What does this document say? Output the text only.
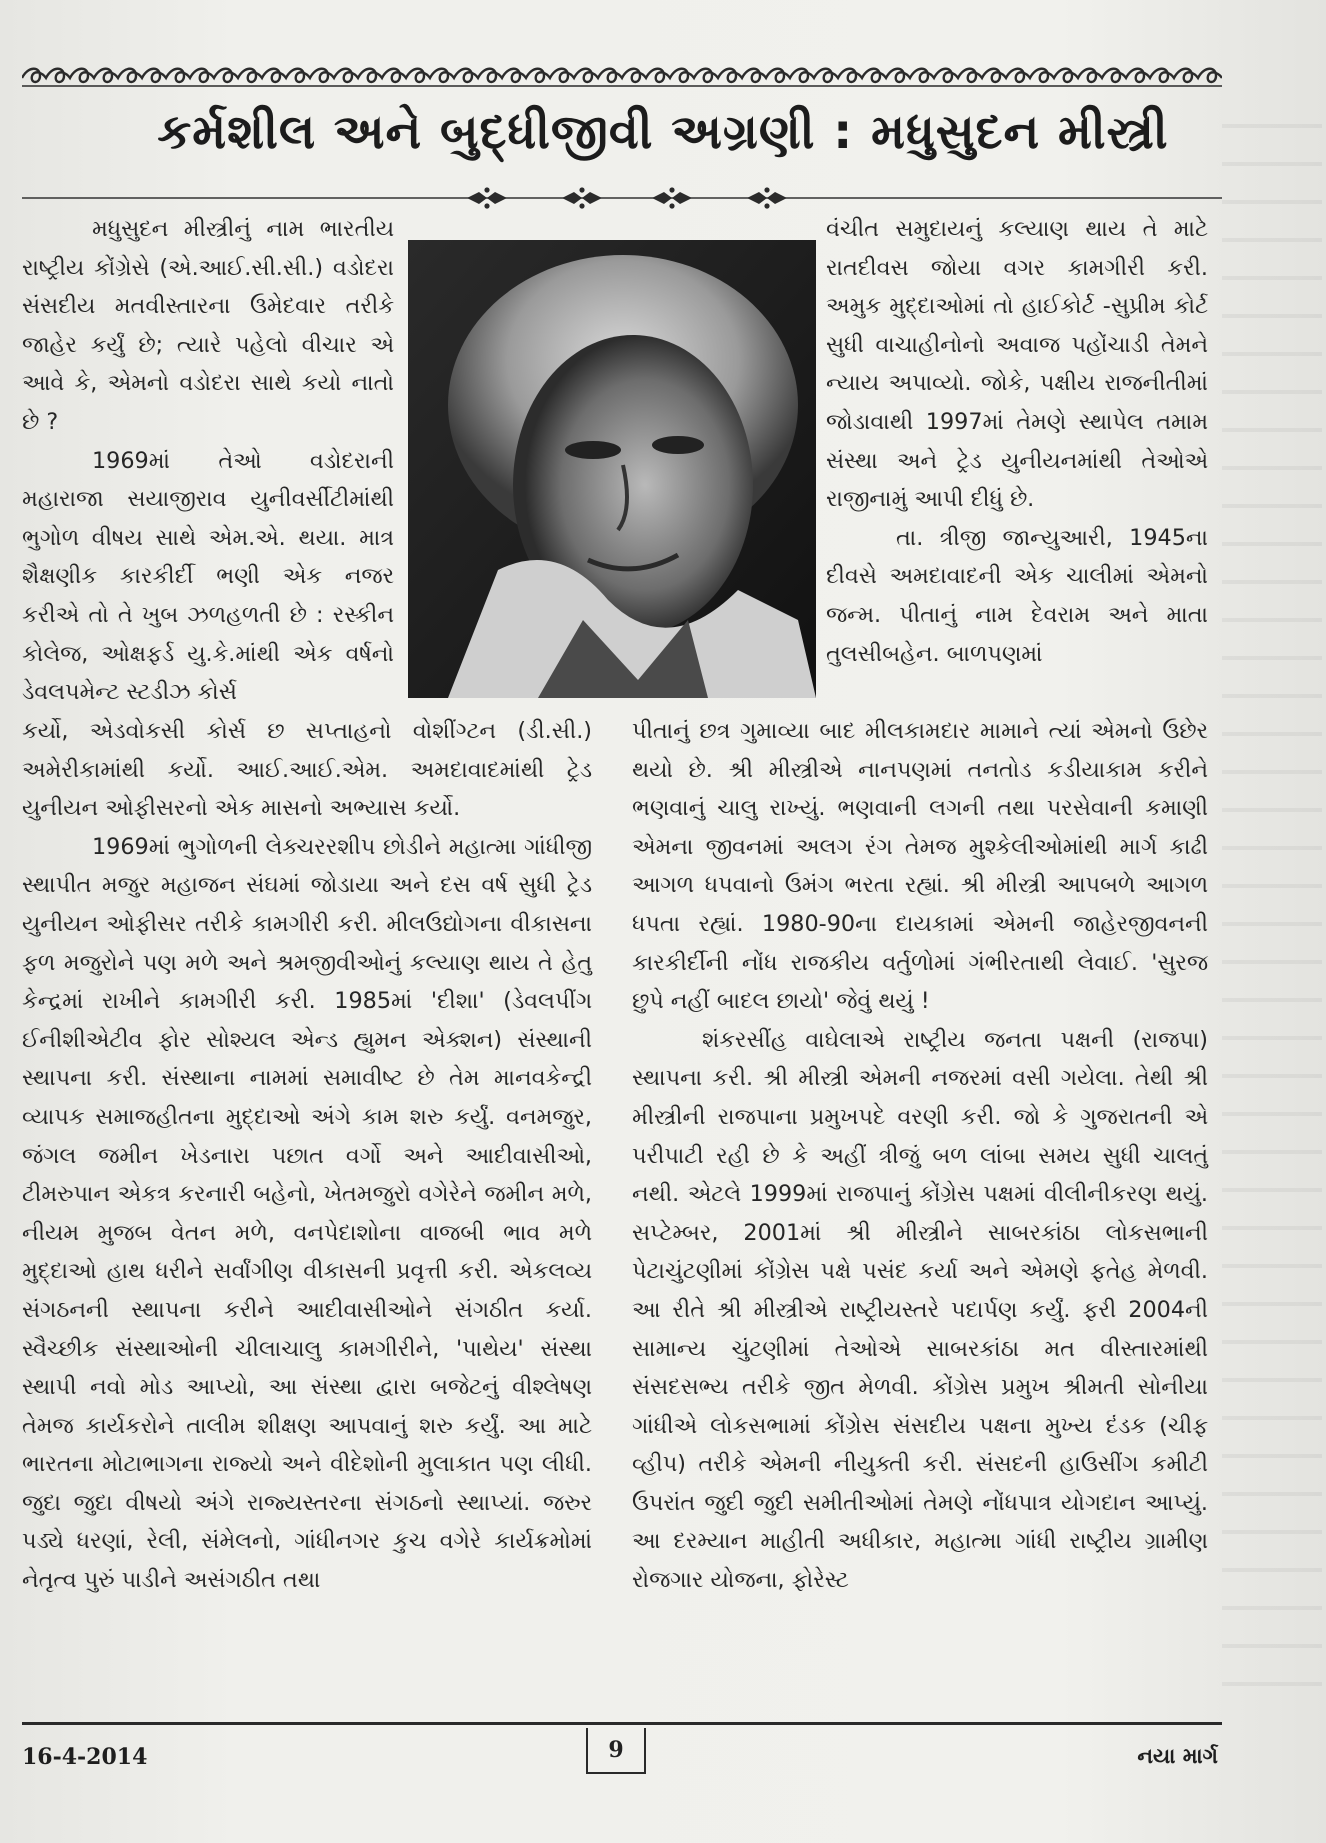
કર્મશીલ અને બુદ્ધીજીવી અગ્રણી : મધુસુદન મીસ્ત્રી

મધુસુદન મીસ્ત્રીનું નામ ભારતીય રાષ્ટ્રીય કોંગ્રેસે (એ.આઈ.સી.સી.) વડોદરા સંસદીય મતવીસ્તારના ઉમેદવાર તરીકે જાહેર કર્યું છે; ત્યારે પહેલો વીચાર એ આવે કે, એમનો વડોદરા સાથે કયો નાતો છે ?

1969માં તેઓ વડોદરાની મહારાજા સયાજીરાવ યુનીવર્સીટીમાંથી ભુગોળ વીષય સાથે એમ.એ. થયા. માત્ર શૈક્ષણીક કારકીર્દી ભણી એક નજર કરીએ તો તે ખુબ ઝળહળતી છે : રસ્કીન કોલેજ, ઓક્ષફર્ડ યુ.કે.માંથી એક વર્ષનો ડેવલપમેન્ટ સ્ટડીઝ કોર્સ

કર્યો, એડવોકસી કોર્સ છ સપ્તાહનો વોશીંગ્ટન (ડી.સી.) અમેરીકામાંથી કર્યો. આઈ.આઈ.એમ. અમદાવાદમાંથી ટ્રેડ યુનીયન ઓફીસરનો એક માસનો અભ્યાસ કર્યો.

1969માં ભુગોળની લેક્ચરરશીપ છોડીને મહાત્મા ગાંધીજી સ્થાપીત મજુર મહાજન સંઘમાં જોડાયા અને દસ વર્ષ સુધી ટ્રેડ યુનીયન ઓફીસર તરીકે કામગીરી કરી. મીલઉદ્યોગના વીકાસના ફળ મજુરોને પણ મળે અને શ્રમજીવીઓનું કલ્યાણ થાય તે હેતુ કેન્દ્રમાં રાખીને કામગીરી કરી. 1985માં 'દીશા' (ડેવલપીંગ ઈનીશીએટીવ ફોર સોશ્યલ એન્ડ હ્યુમન એક્શન) સંસ્થાની સ્થાપના કરી. સંસ્થાના નામમાં સમાવીષ્ટ છે તેમ માનવકેન્દ્રી વ્યાપક સમાજહીતના મુદ્દાઓ અંગે કામ શરુ કર્યું. વનમજુર, જંગલ જમીન ખેડનારા પછાત વર્ગો અને આદીવાસીઓ, ટીમરુપાન એકત્ર કરનારી બહેનો, ખેતમજુરો વગેરેને જમીન મળે, નીયમ મુજબ વેતન મળે, વનપેદાશોના વાજબી ભાવ મળે મુદ્દાઓ હાથ ધરીને સર્વાંગીણ વીકાસની પ્રવૃત્તી કરી. એકલવ્ય સંગઠનની સ્થાપના કરીને આદીવાસીઓને સંગઠીત કર્યા. સ્વૈચ્છીક સંસ્થાઓની ચીલાચાલુ કામગીરીને, 'પાથેય' સંસ્થા સ્થાપી નવો મોડ આપ્યો, આ સંસ્થા દ્વારા બજેટનું વીશ્લેષણ તેમજ કાર્યકરોને તાલીમ શીક્ષણ આપવાનું શરુ કર્યું. આ માટે ભારતના મોટાભાગના રાજ્યો અને વીદેશોની મુલાકાત પણ લીધી. જુદા જુદા વીષયો અંગે રાજ્યસ્તરના સંગઠનો સ્થાપ્યાં. જરુર પડ્યે ધરણાં, રેલી, સંમેલનો, ગાંધીનગર કુચ વગેરે કાર્યક્રમોમાં નેતૃત્વ પુરું પાડીને અસંગઠીત તથા

વંચીત સમુદાયનું કલ્યાણ થાય તે માટે રાતદીવસ જોયા વગર કામગીરી કરી. અમુક મુદ્દાઓમાં તો હાઈકોર્ટ -સુપ્રીમ કોર્ટ સુધી વાચાહીનોનો અવાજ પહોંચાડી તેમને ન્યાય અપાવ્યો. જોકે, પક્ષીય રાજનીતીમાં જોડાવાથી 1997માં તેમણે સ્થાપેલ તમામ સંસ્થા અને ટ્રેડ યુનીયનમાંથી તેઓએ રાજીનામું આપી દીધું છે.

તા. ત્રીજી જાન્યુઆરી, 1945ના દીવસે અમદાવાદની એક ચાલીમાં એમનો જન્મ. પીતાનું નામ દેવરામ અને માતા તુલસીબહેન. બાળપણમાં

પીતાનું છત્ર ગુમાવ્યા બાદ મીલકામદાર મામાને ત્યાં એમનો ઉછેર થયો છે. શ્રી મીસ્ત્રીએ નાનપણમાં તનતોડ કડીયાકામ કરીને ભણવાનું ચાલુ રાખ્યું. ભણવાની લગની તથા પરસેવાની કમાણી એમના જીવનમાં અલગ રંગ તેમજ મુશ્કેલીઓમાંથી માર્ગ કાઢી આગળ ધપવાનો ઉમંગ ભરતા રહ્યાં. શ્રી મીસ્ત્રી આપબળે આગળ ધપતા રહ્યાં. 1980-90ના દાયકામાં એમની જાહેરજીવનની કારકીર્દીની નોંધ રાજકીય વર્તુળોમાં ગંભીરતાથી લેવાઈ. 'સુરજ છુપે નહીં બાદલ છાયો' જેવું થયું !

શંકરસીંહ વાઘેલાએ રાષ્ટ્રીય જનતા પક્ષની (રાજપા) સ્થાપના કરી. શ્રી મીસ્ત્રી એમની નજરમાં વસી ગયેલા. તેથી શ્રી મીસ્ત્રીની રાજપાના પ્રમુખપદે વરણી કરી. જો કે ગુજરાતની એ પરીપાટી રહી છે કે અહીં ત્રીજું બળ લાંબા સમય સુધી ચાલતું નથી. એટલે 1999માં રાજપાનું કોંગ્રેસ પક્ષમાં વીલીનીકરણ થયું. સપ્ટેમ્બર, 2001માં શ્રી મીસ્ત્રીને સાબરકાંઠા લોકસભાની પેટાચુંટણીમાં કોંગ્રેસ પક્ષે પસંદ કર્યા અને એમણે ફતેહ મેળવી. આ રીતે શ્રી મીસ્ત્રીએ રાષ્ટ્રીયસ્તરે પદાર્પણ કર્યું. ફરી 2004ની સામાન્ય ચુંટણીમાં તેઓએ સાબરકાંઠા મત વીસ્તારમાંથી સંસદસભ્ય તરીકે જીત મેળવી. કોંગ્રેસ પ્રમુખ શ્રીમતી સોનીયા ગાંધીએ લોકસભામાં કોંગ્રેસ સંસદીય પક્ષના મુખ્ય દંડક (ચીફ વ્હીપ) તરીકે એમની નીયુક્તી કરી. સંસદની હાઉસીંગ કમીટી ઉપરાંત જુદી જુદી સમીતીઓમાં તેમણે નોંધપાત્ર યોગદાન આપ્યું. આ દરમ્યાન માહીતી અધીકાર, મહાત્મા ગાંધી રાષ્ટ્રીય ગ્રામીણ રોજગાર યોજના, ફોરેસ્ટ

16-4-2014	9	નયા માર્ગ
